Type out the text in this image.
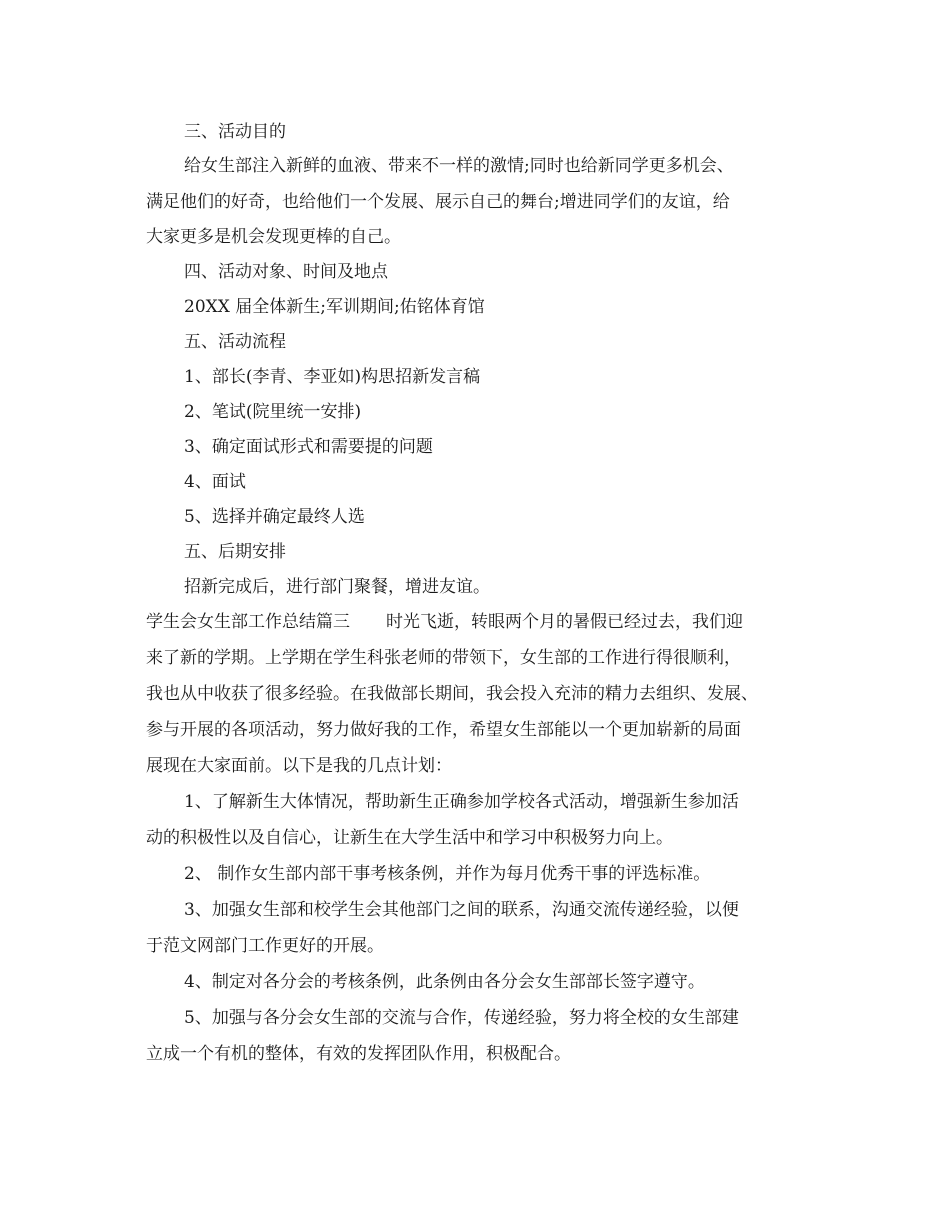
三、活动目的
给女生部注入新鲜的血液、带来不一样的激情;同时也给新同学更多机会、
满足他们的好奇，也给他们一个发展、展示自己的舞台;增进同学们的友谊，给
大家更多是机会发现更棒的自己。
四、活动对象、时间及地点
20XX 届全体新生;军训期间;佑铭体育馆
五、活动流程
1、部长(李青、李亚如)构思招新发言稿
2、笔试(院里统一安排)
3、确定面试形式和需要提的问题
4、面试
5、选择并确定最终人选
五、后期安排
招新完成后，进行部门聚餐，增进友谊。
学生会女生部工作总结篇三 时光飞逝，转眼两个月的暑假已经过去，我们迎
来了新的学期。上学期在学生科张老师的带领下，女生部的工作进行得很顺利，
我也从中收获了很多经验。在我做部长期间，我会投入充沛的精力去组织、发展、
参与开展的各项活动，努力做好我的工作，希望女生部能以一个更加崭新的局面
展现在大家面前。以下是我的几点计划：
1、了解新生大体情况，帮助新生正确参加学校各式活动，增强新生参加活
动的积极性以及自信心，让新生在大学生活中和学习中积极努力向上。
2、 制作女生部内部干事考核条例，并作为每月优秀干事的评选标准。
3、加强女生部和校学生会其他部门之间的联系，沟通交流传递经验，以便
于范文网部门工作更好的开展。
4、制定对各分会的考核条例，此条例由各分会女生部部长签字遵守。
5、加强与各分会女生部的交流与合作，传递经验，努力将全校的女生部建
立成一个有机的整体，有效的发挥团队作用，积极配合。
